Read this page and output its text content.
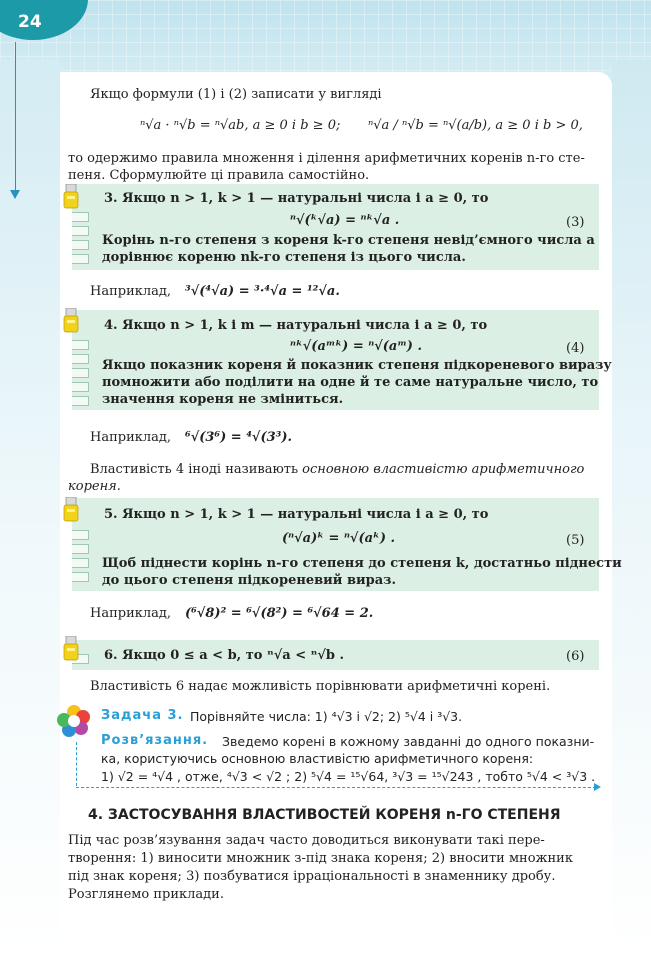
24
Якщо формули (1) і (2) записати у вигляді
ⁿ√a · ⁿ√b = ⁿ√ab, a ≥ 0 і b ≥ 0; ⁿ√a / ⁿ√b = ⁿ√(a/b), a ≥ 0 і b > 0,
то одержимо правила множення і ділення арифметичних коренів n-го сте-
пеня. Сформулюйте ці правила самостійно.
3. Якщо n > 1, k > 1 — натуральні числа і a ≥ 0, то
ⁿ√(ᵏ√a) = ⁿᵏ√a .	(3)
Корінь n-го степеня з кореня k-го степеня невід’ємного числа a
дорівнює кореню nk-го степеня із цього числа.
Наприклад, ³√(⁴√a) = ³·⁴√a = ¹²√a.
4. Якщо n > 1, k і m — натуральні числа і a ≥ 0, то
ⁿᵏ√(aᵐᵏ) = ⁿ√(aᵐ) .	(4)
Якщо показник кореня й показник степеня підкореневого виразу
помножити або поділити на одне й те саме натуральне число, то
значення кореня не зміниться.
Наприклад, ⁶√(3⁶) = ⁴√(3³).
Властивість 4 іноді називають основною властивістю арифметичного
кореня.
5. Якщо n > 1, k > 1 — натуральні числа і a ≥ 0, то
(ⁿ√a)ᵏ = ⁿ√(aᵏ) .	(5)
Щоб піднести корінь n-го степеня до степеня k, достатньо піднести
до цього степеня підкореневий вираз.
Наприклад, (⁶√8)² = ⁶√(8²) = ⁶√64 = 2.
6. Якщо 0 ≤ a < b, то ⁿ√a < ⁿ√b .	(6)
Властивість 6 надає можливість порівнювати арифметичні корені.
Задача 3. Порівняйте числа: 1) ⁴√3 і √2; 2) ⁵√4 і ³√3.
Розв’язання. Зведемо корені в кожному завданні до одного показни-
ка, користуючись основною властивістю арифметичного кореня:
1) √2 = ⁴√4 , отже, ⁴√3 < √2 ; 2) ⁵√4 = ¹⁵√64, ³√3 = ¹⁵√243 , тобто ⁵√4 < ³√3 .
4. ЗАСТОСУВАННЯ ВЛАСТИВОСТЕЙ КОРЕНЯ n-ГО СТЕПЕНЯ
Під час розв’язування задач часто доводиться виконувати такі пере-
творення: 1) виносити множник з-під знака кореня; 2) вносити множник
під знак кореня; 3) позбуватися ірраціональності в знаменнику дробу.
Розглянемо приклади.
